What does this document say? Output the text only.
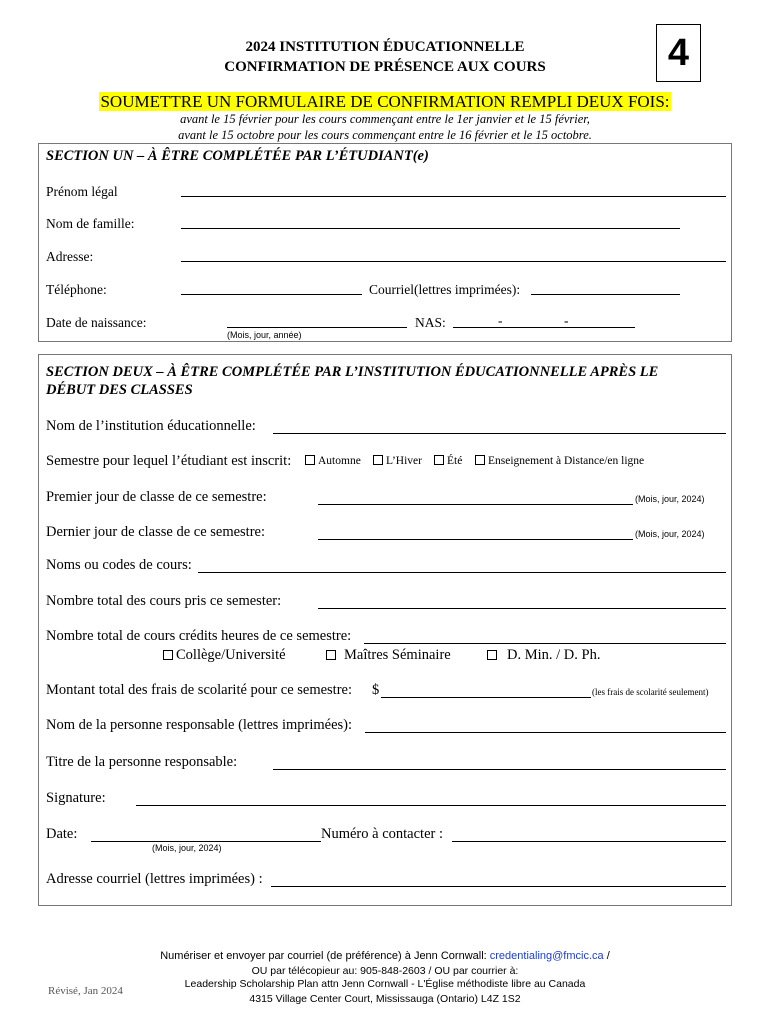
2024 INSTITUTION ÉDUCATIONNELLE
CONFIRMATION DE PRÉSENCE AUX COURS	4
SOUMETTRE UN FORMULAIRE DE CONFIRMATION REMPLI DEUX FOIS:
avant le 15 février pour les cours commençant entre le 1er janvier et le 15 février,
avant le 15 octobre pour les cours commençant entre le 16 février et le 15 octobre.
SECTION UN – À ÊTRE COMPLÉTÉE PAR L’ÉTUDIANT(e)
Prénom légal
Nom de famille:
Adresse:
Téléphone:	Courriel(lettres imprimées):
Date de naissance:
(Mois, jour, année)
NAS:	-	-
SECTION DEUX – À ÊTRE COMPLÉTÉE PAR L’INSTITUTION ÉDUCATIONNELLE APRÈS LE
DÉBUT DES CLASSES
Nom de l’institution éducationnelle:
Semestre pour lequel l’étudiant est inscrit:	Automne	L’Hiver	Été	Enseignement à Distance/en ligne
Premier jour de classe de ce semestre:	(Mois, jour, 2024)
Dernier jour de classe de ce semestre:	(Mois, jour, 2024)
Noms ou codes de cours:
Nombre total des cours pris ce semester:
Nombre total de cours crédits heures de ce semestre:
Collège/Université	Maîtres Séminaire	D. Min. / D. Ph.
Montant total des frais de scolarité pour ce semestre: $	(les frais de scolarité seulement)
Nom de la personne responsable (lettres imprimées):
Titre de la personne responsable:
Signature:
Date:
(Mois, jour, 2024)
Numéro à contacter :
Adresse courriel (lettres imprimées) :
Numériser et envoyer par courriel (de préférence) à Jenn Cornwall: credentialing@fmcic.ca /
OU par télécopieur au: 905-848-2603 / OU par courrier à:
Leadership Scholarship Plan attn Jenn Cornwall - L'Église méthodiste libre au Canada
4315 Village Center Court, Mississauga (Ontario) L4Z 1S2
Révisé, Jan 2024
